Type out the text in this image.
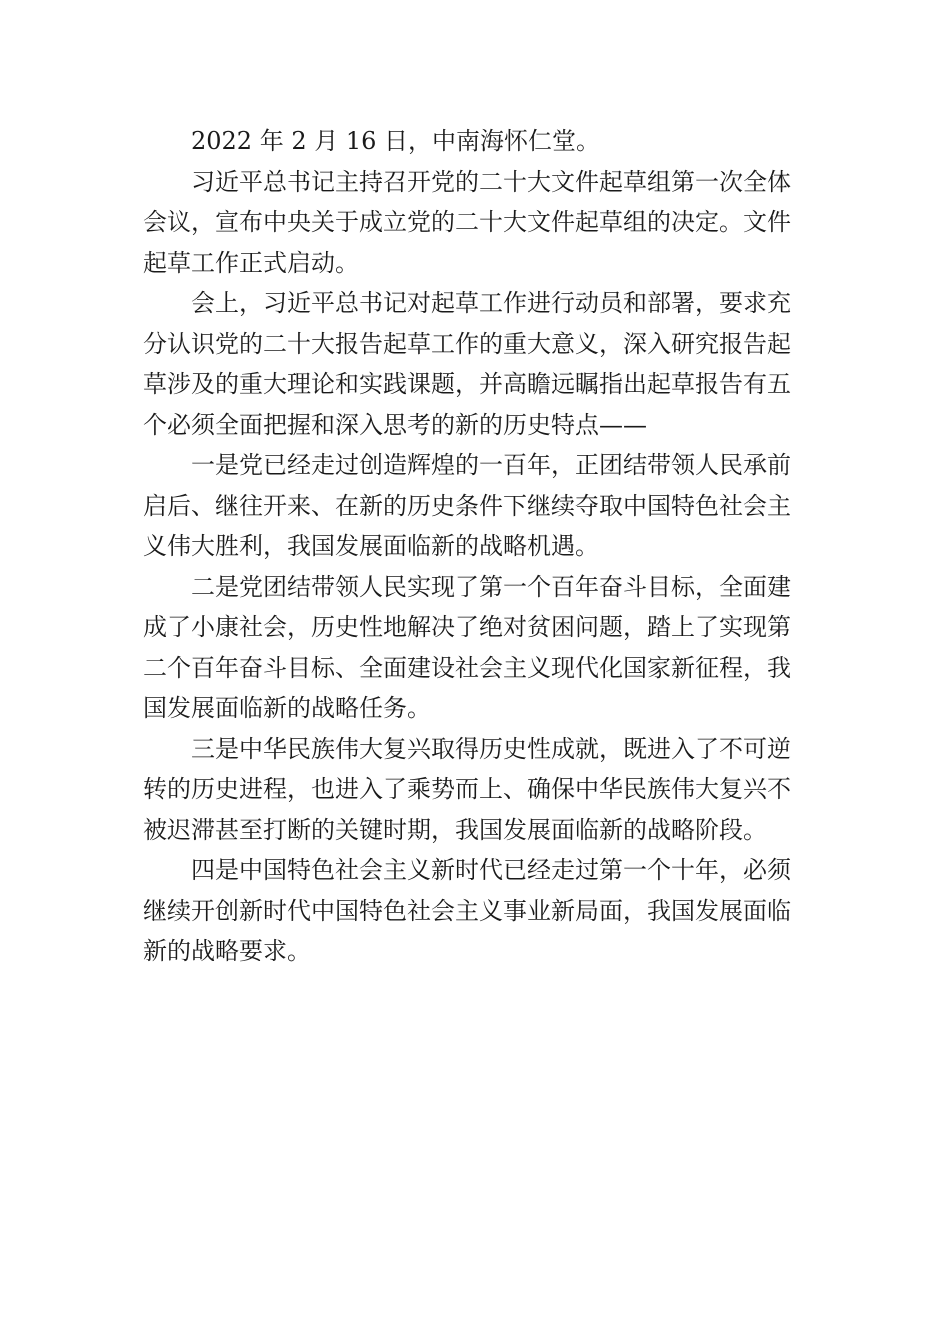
2022 年 2 月 16 日，中南海怀仁堂。

习近平总书记主持召开党的二十大文件起草组第一次全体会议，宣布中央关于成立党的二十大文件起草组的决定。文件起草工作正式启动。

会上，习近平总书记对起草工作进行动员和部署，要求充分认识党的二十大报告起草工作的重大意义，深入研究报告起草涉及的重大理论和实践课题，并高瞻远瞩指出起草报告有五个必须全面把握和深入思考的新的历史特点——

一是党已经走过创造辉煌的一百年，正团结带领人民承前启后、继往开来、在新的历史条件下继续夺取中国特色社会主义伟大胜利，我国发展面临新的战略机遇。

二是党团结带领人民实现了第一个百年奋斗目标，全面建成了小康社会，历史性地解决了绝对贫困问题，踏上了实现第二个百年奋斗目标、全面建设社会主义现代化国家新征程，我国发展面临新的战略任务。

三是中华民族伟大复兴取得历史性成就，既进入了不可逆转的历史进程，也进入了乘势而上、确保中华民族伟大复兴不被迟滞甚至打断的关键时期，我国发展面临新的战略阶段。

四是中国特色社会主义新时代已经走过第一个十年，必须继续开创新时代中国特色社会主义事业新局面，我国发展面临新的战略要求。
